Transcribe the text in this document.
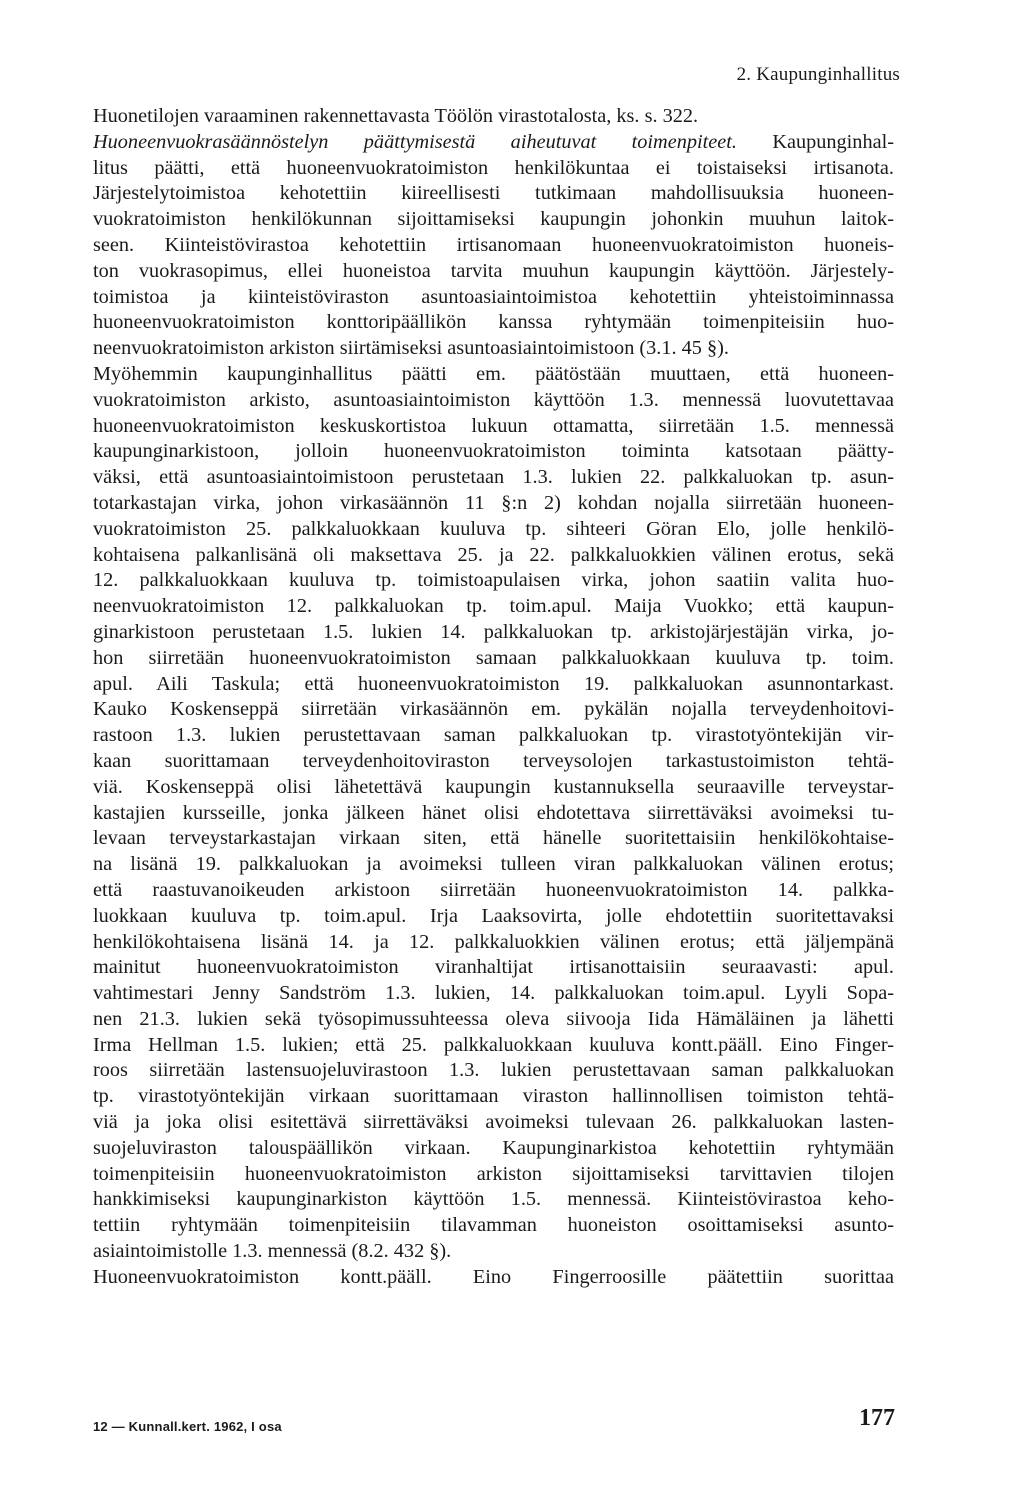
2. Kaupunginhallitus
Huonetilojen varaaminen rakennettavasta Töölön virastotalosta, ks. s. 322.
Huoneenvuokrasäännöstelyn päättymisestä aiheutuvat toimenpiteet. Kaupunginhal-
litus päätti, että huoneenvuokratoimiston henkilökuntaa ei toistaiseksi irtisanota.
Järjestelytoimistoa kehotettiin kiireellisesti tutkimaan mahdollisuuksia huoneen-
vuokratoimiston henkilökunnan sijoittamiseksi kaupungin johonkin muuhun laitok-
seen. Kiinteistövirastoa kehotettiin irtisanomaan huoneenvuokratoimiston huoneis-
ton vuokrasopimus, ellei huoneistoa tarvita muuhun kaupungin käyttöön. Järjestely-
toimistoa ja kiinteistöviraston asuntoasiaintoimistoa kehotettiin yhteistoiminnassa
huoneenvuokratoimiston konttoripäällikön kanssa ryhtymään toimenpiteisiin huo-
neenvuokratoimiston arkiston siirtämiseksi asuntoasiaintoimistoon (3.1. 45 §).
Myöhemmin kaupunginhallitus päätti em. päätöstään muuttaen, että huoneen-
vuokratoimiston arkisto, asuntoasiaintoimiston käyttöön 1.3. mennessä luovutettavaa
huoneenvuokratoimiston keskuskortistoa lukuun ottamatta, siirretään 1.5. mennessä
kaupunginarkistoon, jolloin huoneenvuokratoimiston toiminta katsotaan päätty-
väksi, että asuntoasiaintoimistoon perustetaan 1.3. lukien 22. palkkaluokan tp. asun-
totarkastajan virka, johon virkasäännön 11 §:n 2) kohdan nojalla siirretään huoneen-
vuokratoimiston 25. palkkaluokkaan kuuluva tp. sihteeri Göran Elo, jolle henkilö-
kohtaisena palkanlisänä oli maksettava 25. ja 22. palkkaluokkien välinen erotus, sekä
12. palkkaluokkaan kuuluva tp. toimistoapulaisen virka, johon saatiin valita huo-
neenvuokratoimiston 12. palkkaluokan tp. toim.apul. Maija Vuokko; että kaupun-
ginarkistoon perustetaan 1.5. lukien 14. palkkaluokan tp. arkistojärjestäjän virka, jo-
hon siirretään huoneenvuokratoimiston samaan palkkaluokkaan kuuluva tp. toim.
apul. Aili Taskula; että huoneenvuokratoimiston 19. palkkaluokan asunnontarkast.
Kauko Koskenseppä siirretään virkasäännön em. pykälän nojalla terveydenhoitovi-
rastoon 1.3. lukien perustettavaan saman palkkaluokan tp. virastotyöntekijän vir-
kaan suorittamaan terveydenhoitoviraston terveysolojen tarkastustoimiston tehtä-
viä. Koskenseppä olisi lähetettävä kaupungin kustannuksella seuraaville terveystar-
kastajien kursseille, jonka jälkeen hänet olisi ehdotettava siirrettäväksi avoimeksi tu-
levaan terveystarkastajan virkaan siten, että hänelle suoritettaisiin henkilökohtaise-
na lisänä 19. palkkaluokan ja avoimeksi tulleen viran palkkaluokan välinen erotus;
että raastuvanoikeuden arkistoon siirretään huoneenvuokratoimiston 14. palkka-
luokkaan kuuluva tp. toim.apul. Irja Laaksovirta, jolle ehdotettiin suoritettavaksi
henkilökohtaisena lisänä 14. ja 12. palkkaluokkien välinen erotus; että jäljempänä
mainitut huoneenvuokratoimiston viranhaltijat irtisanottaisiin seuraavasti: apul.
vahtimestari Jenny Sandström 1.3. lukien, 14. palkkaluokan toim.apul. Lyyli Sopa-
nen 21.3. lukien sekä työsopimussuhteessa oleva siivooja Iida Hämäläinen ja lähetti
Irma Hellman 1.5. lukien; että 25. palkkaluokkaan kuuluva kontt.pääll. Eino Finger-
roos siirretään lastensuojeluvirastoon 1.3. lukien perustettavaan saman palkkaluokan
tp. virastotyöntekijän virkaan suorittamaan viraston hallinnollisen toimiston tehtä-
viä ja joka olisi esitettävä siirrettäväksi avoimeksi tulevaan 26. palkkaluokan lasten-
suojeluviraston talouspäällikön virkaan. Kaupunginarkistoa kehotettiin ryhtymään
toimenpiteisiin huoneenvuokratoimiston arkiston sijoittamiseksi tarvittavien tilojen
hankkimiseksi kaupunginarkiston käyttöön 1.5. mennessä. Kiinteistövirastoa keho-
tettiin ryhtymään toimenpiteisiin tilavamman huoneiston osoittamiseksi asunto-
asiaintoimistolle 1.3. mennessä (8.2. 432 §).
Huoneenvuokratoimiston kontt.pääll. Eino Fingerroosille päätettiin suorittaa
12 — Kunnall.kert. 1962, I osa	177
